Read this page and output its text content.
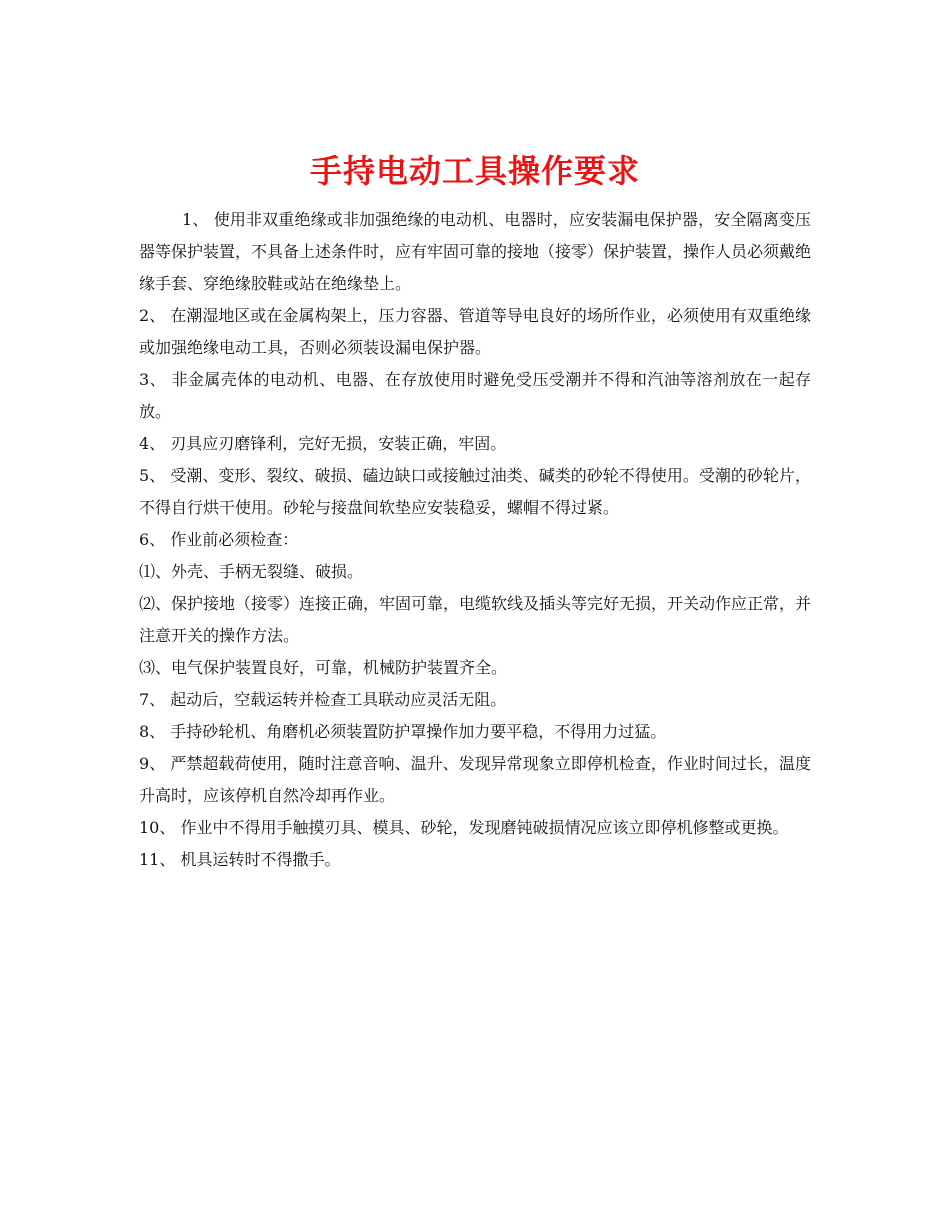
手持电动工具操作要求

1、 使用非双重绝缘或非加强绝缘的电动机、电器时，应安装漏电保护器，安全隔离变压器等保护装置，不具备上述条件时，应有牢固可靠的接地（接零）保护装置，操作人员必须戴绝缘手套、穿绝缘胶鞋或站在绝缘垫上。

2、 在潮湿地区或在金属构架上，压力容器、管道等导电良好的场所作业，必须使用有双重绝缘或加强绝缘电动工具，否则必须装设漏电保护器。

3、 非金属壳体的电动机、电器、在存放使用时避免受压受潮并不得和汽油等溶剂放在一起存放。

4、 刃具应刃磨锋利，完好无损，安装正确，牢固。

5、 受潮、变形、裂纹、破损、磕边缺口或接触过油类、碱类的砂轮不得使用。受潮的砂轮片，不得自行烘干使用。砂轮与接盘间软垫应安装稳妥，螺帽不得过紧。

6、 作业前必须检查：

⑴、外壳、手柄无裂缝、破损。

⑵、保护接地（接零）连接正确，牢固可靠，电缆软线及插头等完好无损，开关动作应正常，并注意开关的操作方法。

⑶、电气保护装置良好，可靠，机械防护装置齐全。

7、 起动后，空载运转并检查工具联动应灵活无阻。

8、 手持砂轮机、角磨机必须装置防护罩操作加力要平稳，不得用力过猛。

9、 严禁超载荷使用，随时注意音响、温升、发现异常现象立即停机检查，作业时间过长，温度升高时，应该停机自然冷却再作业。

10、 作业中不得用手触摸刃具、模具、砂轮，发现磨钝破损情况应该立即停机修整或更换。

11、 机具运转时不得撒手。
